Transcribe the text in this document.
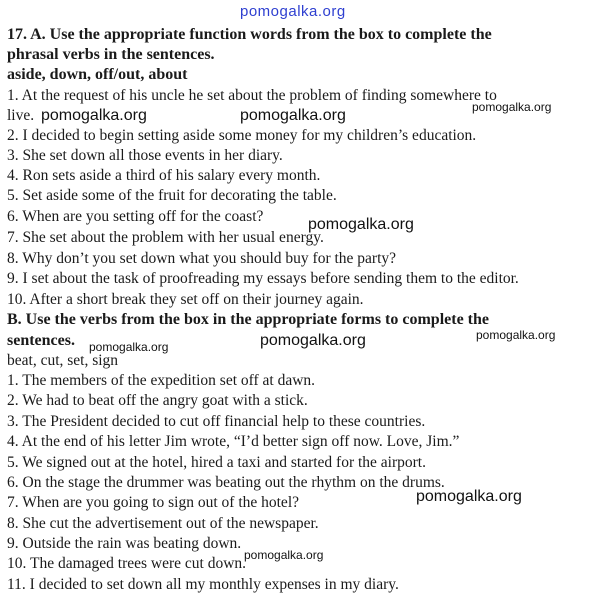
pomogalka.org
17. A. Use the appropriate function words from the box to complete the
phrasal verbs in the sentences.
aside, down, off/out, about
1. At the request of his uncle he set about the problem of finding somewhere to
live.
2. I decided to begin setting aside some money for my children’s education.
3. She set down all those events in her diary.
4. Ron sets aside a third of his salary every month.
5. Set aside some of the fruit for decorating the table.
6. When are you setting off for the coast?
7. She set about the problem with her usual energy.
8. Why don’t you set down what you should buy for the party?
9. I set about the task of proofreading my essays before sending them to the editor.
10. After a short break they set off on their journey again.
B. Use the verbs from the box in the appropriate forms to complete the
sentences.
beat, cut, set, sign
1. The members of the expedition set off at dawn.
2. We had to beat off the angry goat with a stick.
3. The President decided to cut off financial help to these countries.
4. At the end of his letter Jim wrote, “I’d better sign off now. Love, Jim.”
5. We signed out at the hotel, hired a taxi and started for the airport.
6. On the stage the drummer was beating out the rhythm on the drums.
7. When are you going to sign out of the hotel?
8. She cut the advertisement out of the newspaper.
9. Outside the rain was beating down.
10. The damaged trees were cut down.
11. I decided to set down all my monthly expenses in my diary.
pomogalka.org	pomogalka.org	pomogalka.org
pomogalka.org
pomogalka.org
pomogalka.org
pomogalka.org
pomogalka.org
pomogalka.org
